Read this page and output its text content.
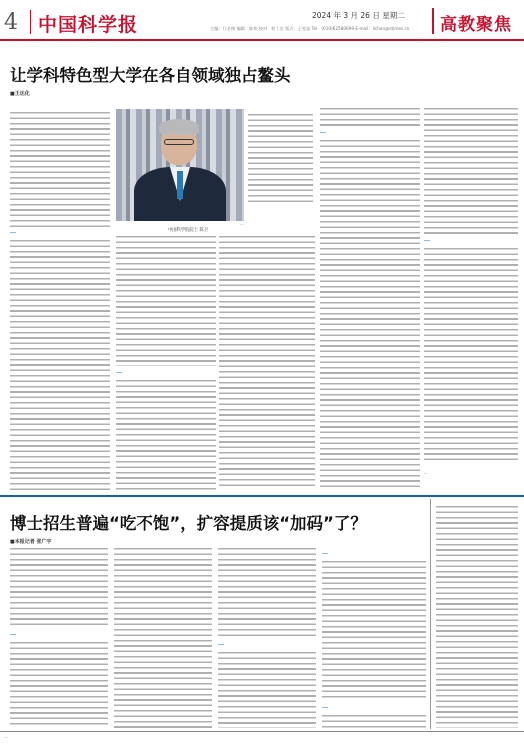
4 中国科学报	2024 年 3 月 26 日 星期二
主编：行必指 编辑：陈欢 校对：何工农 版式：王雯姿 Tel：(010)62580699 E-mail：lichen@stimes.cn 高教聚焦
让学科特色型大学在各自领域独占鳌头
■王达化
...
...
中国科学院院士 陈卫
...
...
...
...
博士招生普遍“吃不饱”，扩容提质该“加码”了？
■本报记者 张广宇
...
...
...
...
...
